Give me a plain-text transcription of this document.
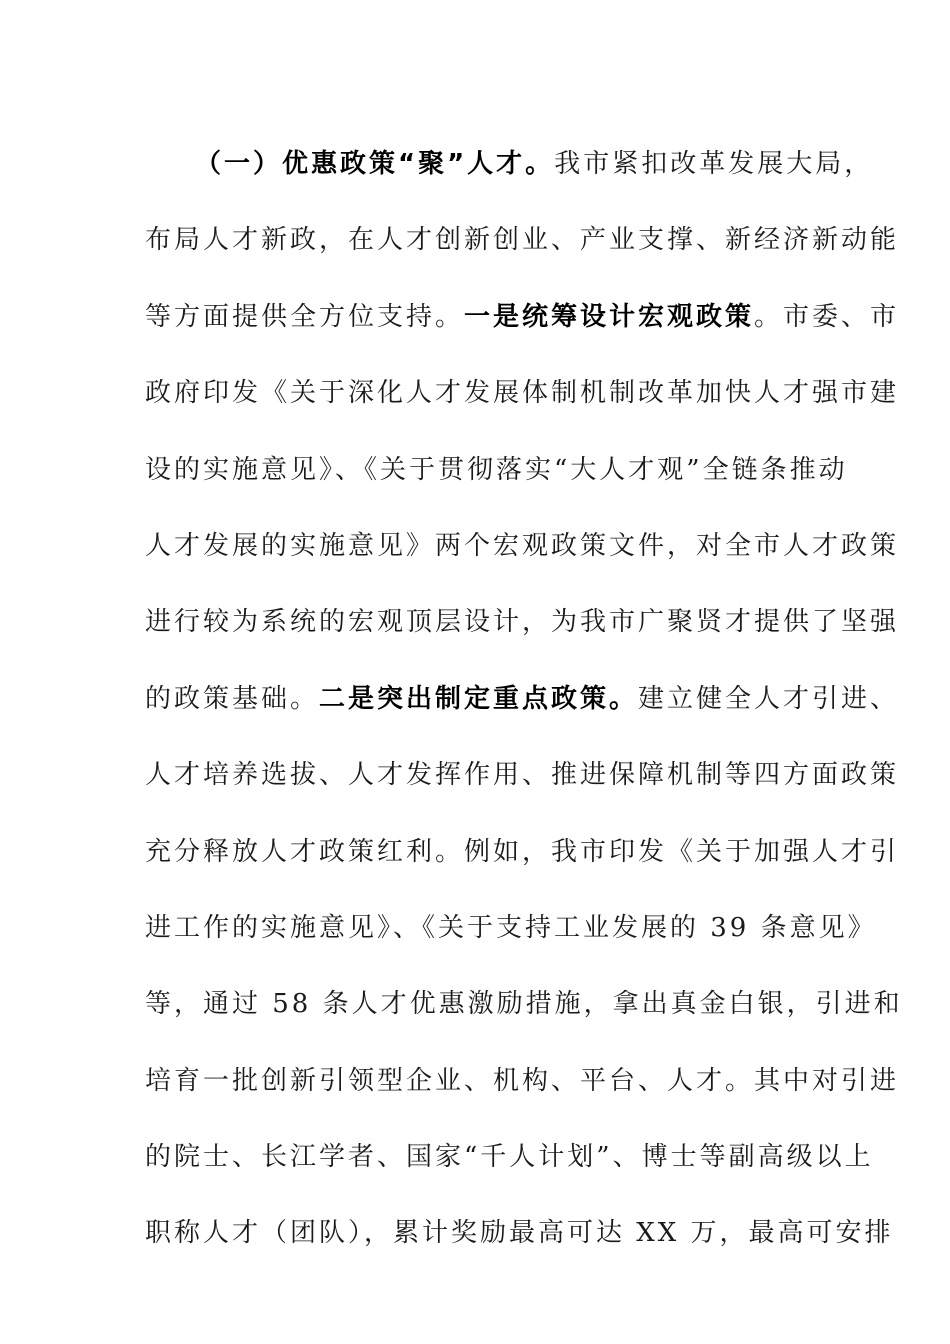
（一）优惠政策“聚”人才。我市紧扣改革发展大局，
布局人才新政，在人才创新创业、产业支撑、新经济新动能
等方面提供全方位支持。一是统筹设计宏观政策。市委、市
政府印发《关于深化人才发展体制机制改革加快人才强市建
设的实施意见》、《关于贯彻落实“大人才观”全链条推动
人才发展的实施意见》两个宏观政策文件，对全市人才政策
进行较为系统的宏观顶层设计，为我市广聚贤才提供了坚强
的政策基础。二是突出制定重点政策。建立健全人才引进、
人才培养选拔、人才发挥作用、推进保障机制等四方面政策
充分释放人才政策红利。例如，我市印发《关于加强人才引
进工作的实施意见》、《关于支持工业发展的 39 条意见》
等，通过 58 条人才优惠激励措施，拿出真金白银，引进和
培育一批创新引领型企业、机构、平台、人才。其中对引进
的院士、长江学者、国家“千人计划”、博士等副高级以上
职称人才（团队），累计奖励最高可达 XX 万，最高可安排
